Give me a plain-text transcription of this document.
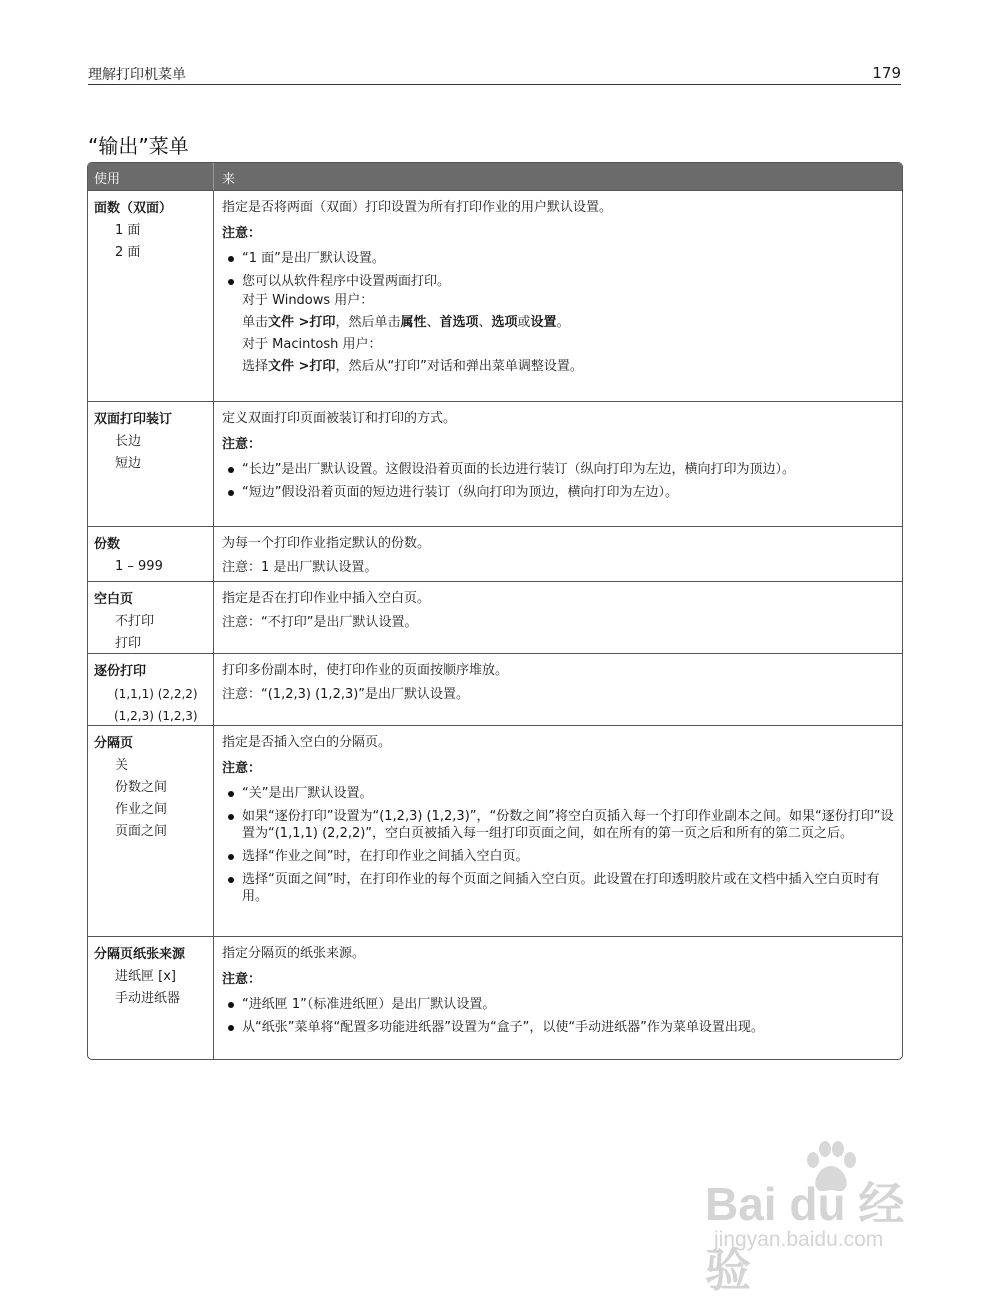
理解打印机菜单	179
“输出”菜单
使用	来
面数（双面）
1 面
2 面

指定是否将两面（双面）打印设置为所有打印作业的用户默认设置。

注意：
“1 面”是出厂默认设置。
您可以从软件程序中设置两面打印。
对于 Windows 用户：
单击文件 >打印，然后单击属性、首选项、选项或设置。
对于 Macintosh 用户：
选择文件 >打印，然后从“打印”对话和弹出菜单调整设置。
双面打印装订
长边
短边

定义双面打印页面被装订和打印的方式。

注意：
“长边”是出厂默认设置。这假设沿着页面的长边进行装订（纵向打印为左边，横向打印为顶边）。
“短边”假设沿着页面的短边进行装订（纵向打印为顶边，横向打印为左边）。
份数
1 – 999

为每一个打印作业指定默认的份数。

注意：1 是出厂默认设置。
空白页
不打印
打印

指定是否在打印作业中插入空白页。

注意：“不打印”是出厂默认设置。
逐份打印
(1,1,1) (2,2,2)
(1,2,3) (1,2,3)

打印多份副本时，使打印作业的页面按顺序堆放。

注意：“(1,2,3) (1,2,3)”是出厂默认设置。
分隔页
关
份数之间
作业之间
页面之间

指定是否插入空白的分隔页。

注意：
“关”是出厂默认设置。
如果“逐份打印”设置为“(1,2,3) (1,2,3)”，“份数之间”将空白页插入每一个打印作业副本之间。如果“逐份打印”设置为“(1,1,1) (2,2,2)”，空白页被插入每一组打印页面之间，如在所有的第一页之后和所有的第二页之后。
选择“作业之间”时，在打印作业之间插入空白页。
选择“页面之间”时，在打印作业的每个页面之间插入空白页。此设置在打印透明胶片或在文档中插入空白页时有用。
分隔页纸张来源
进纸匣 [x]
手动进纸器

指定分隔页的纸张来源。

注意：
“进纸匣 1”（标准进纸匣）是出厂默认设置。
从“纸张”菜单将“配置多功能进纸器”设置为“盒子”，以使“手动进纸器”作为菜单设置出现。
Bai du 经验
jingyan.baidu.com
